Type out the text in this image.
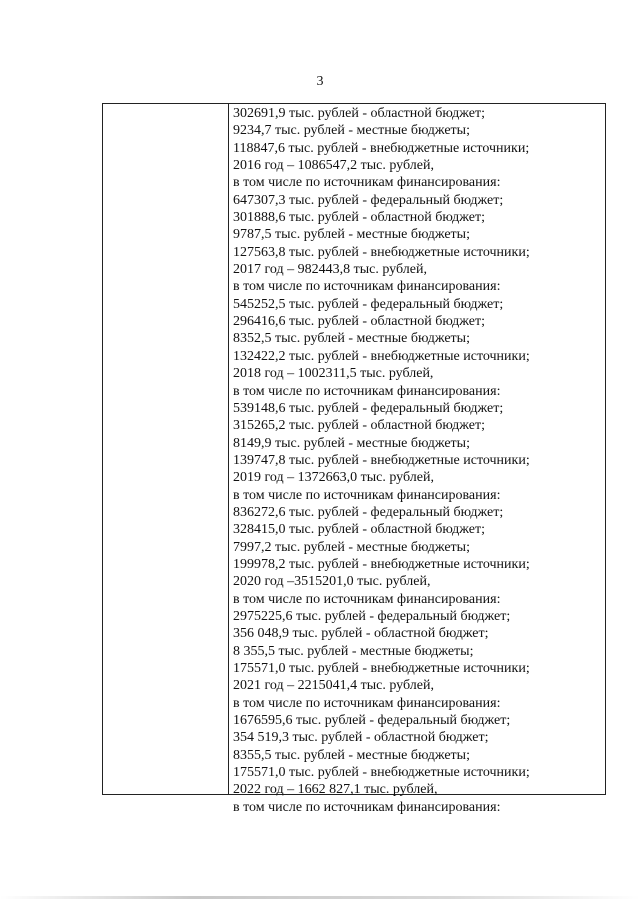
3
302691,9 тыс. рублей - областной бюджет;
9234,7 тыс. рублей - местные бюджеты;
118847,6 тыс. рублей - внебюджетные источники;
2016 год – 1086547,2 тыс. рублей,
в том числе по источникам финансирования:
647307,3 тыс. рублей - федеральный бюджет;
301888,6 тыс. рублей - областной бюджет;
9787,5 тыс. рублей - местные бюджеты;
127563,8 тыс. рублей - внебюджетные источники;
2017 год – 982443,8 тыс. рублей,
в том числе по источникам финансирования:
545252,5 тыс. рублей - федеральный бюджет;
296416,6 тыс. рублей - областной бюджет;
8352,5 тыс. рублей - местные бюджеты;
132422,2 тыс. рублей - внебюджетные источники;
2018 год – 1002311,5 тыс. рублей,
в том числе по источникам финансирования:
539148,6 тыс. рублей - федеральный бюджет;
315265,2 тыс. рублей - областной бюджет;
8149,9 тыс. рублей - местные бюджеты;
139747,8 тыс. рублей - внебюджетные источники;
2019 год – 1372663,0 тыс. рублей,
в том числе по источникам финансирования:
836272,6 тыс. рублей - федеральный бюджет;
328415,0 тыс. рублей - областной бюджет;
7997,2 тыс. рублей - местные бюджеты;
199978,2 тыс. рублей - внебюджетные источники;
2020 год –3515201,0 тыс. рублей,
в том числе по источникам финансирования:
2975225,6 тыс. рублей - федеральный бюджет;
356 048,9 тыс. рублей - областной бюджет;
8 355,5 тыс. рублей - местные бюджеты;
175571,0 тыс. рублей - внебюджетные источники;
2021 год – 2215041,4 тыс. рублей,
в том числе по источникам финансирования:
1676595,6 тыс. рублей - федеральный бюджет;
354 519,3 тыс. рублей - областной бюджет;
8355,5 тыс. рублей - местные бюджеты;
175571,0 тыс. рублей - внебюджетные источники;
2022 год – 1662 827,1 тыс. рублей,
в том числе по источникам финансирования:
